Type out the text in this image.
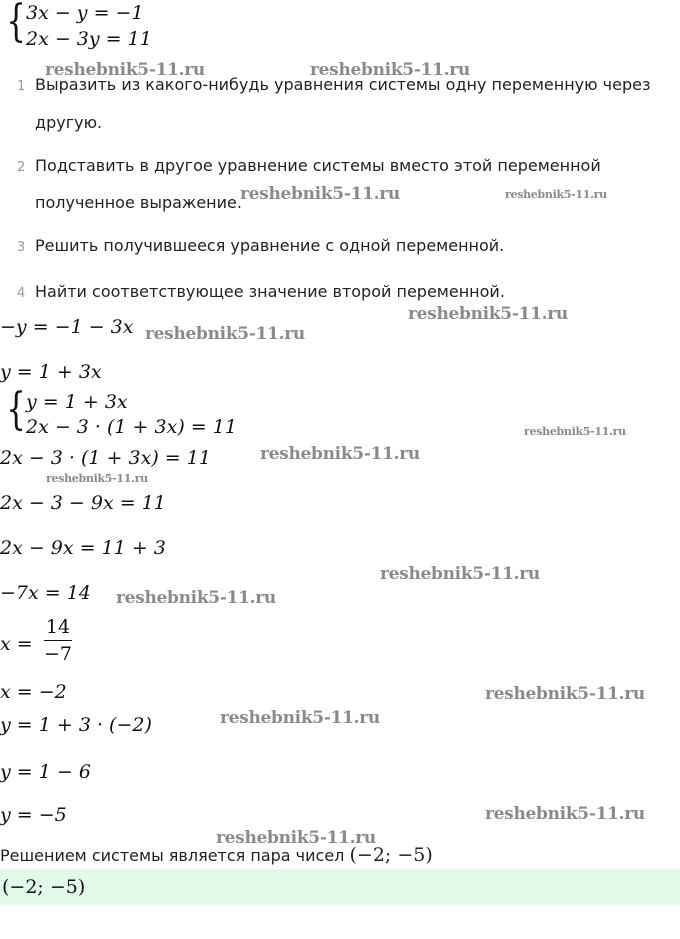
{ 3x − y = −1
2x − 3y = 11
1 Выразить из какого-нибудь уравнения системы одну переменную через
другую.
2 Подставить в другое уравнение системы вместо этой переменной
полученное выражение.
3 Решить получившееся уравнение с одной переменной.
4 Найти соответствующее значение второй переменной.
−y = −1 − 3x
y = 1 + 3x
{ y = 1 + 3x
2x − 3 · (1 + 3x) = 11
2x − 3 · (1 + 3x) = 11
2x − 3 − 9x = 11
2x − 9x = 11 + 3
−7x = 14
x =
14
−7
x = −2
y = 1 + 3 · (−2)
y = 1 − 6
y = −5
Решением системы является пара чисел (−2; −5)
(−2; −5)
reshebnik5-11.ru	reshebnik5-11.ru
reshebnik5-11.ru	reshebnik5-11.ru
reshebnik5-11.ru
reshebnik5-11.ru
reshebnik5-11.ru
reshebnik5-11.ru
reshebnik5-11.ru
reshebnik5-11.ru
reshebnik5-11.ru
reshebnik5-11.ru
reshebnik5-11.ru
reshebnik5-11.ru
reshebnik5-11.ru
